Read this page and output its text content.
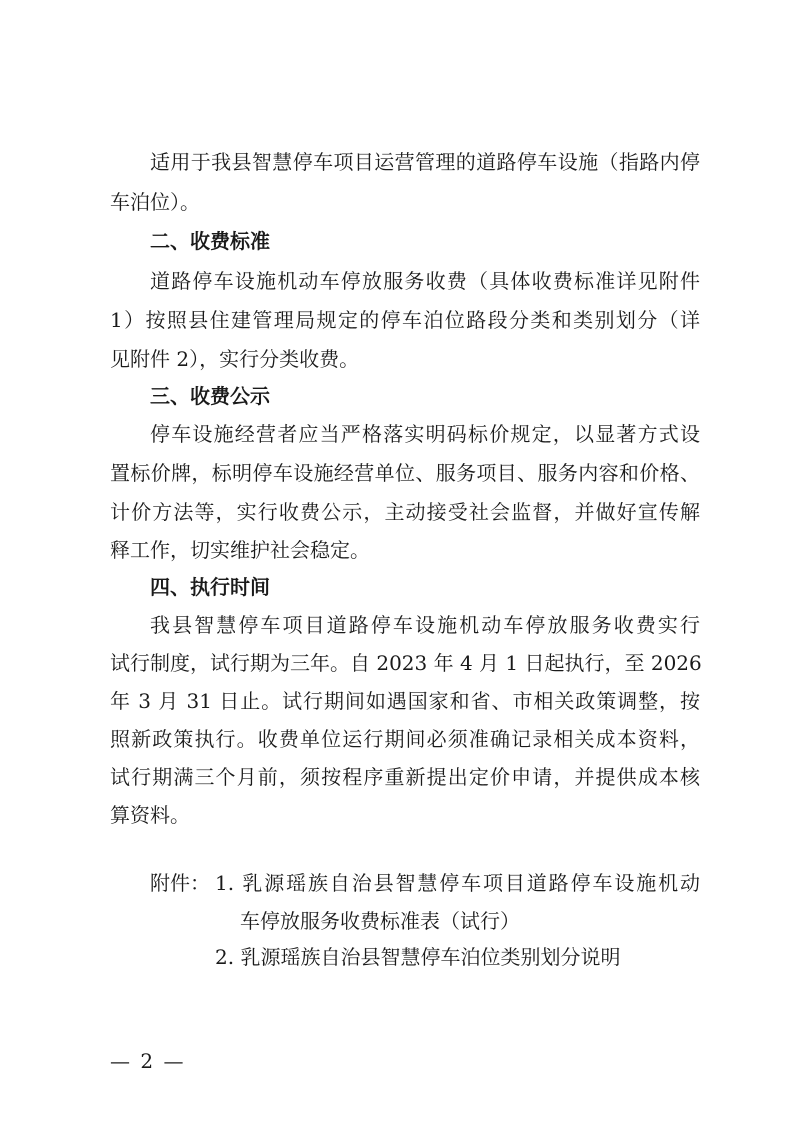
适用于我县智慧停车项目运营管理的道路停车设施（指路内停
车泊位）。
二、收费标准
道路停车设施机动车停放服务收费（具体收费标准详见附件
1）按照县住建管理局规定的停车泊位路段分类和类别划分（详
见附件 2），实行分类收费。
三、收费公示
停车设施经营者应当严格落实明码标价规定，以显著方式设
置标价牌，标明停车设施经营单位、服务项目、服务内容和价格、
计价方法等，实行收费公示，主动接受社会监督，并做好宣传解
释工作，切实维护社会稳定。
四、执行时间
我县智慧停车项目道路停车设施机动车停放服务收费实行
试行制度，试行期为三年。自 2023 年 4 月 1 日起执行，至 2026
年 3 月 31 日止。试行期间如遇国家和省、市相关政策调整，按
照新政策执行。收费单位运行期间必须准确记录相关成本资料，
试行期满三个月前，须按程序重新提出定价申请，并提供成本核
算资料。
附件： 1. 乳源瑶族自治县智慧停车项目道路停车设施机动
车停放服务收费标准表（试行）
2. 乳源瑶族自治县智慧停车泊位类别划分说明
— 2 —
